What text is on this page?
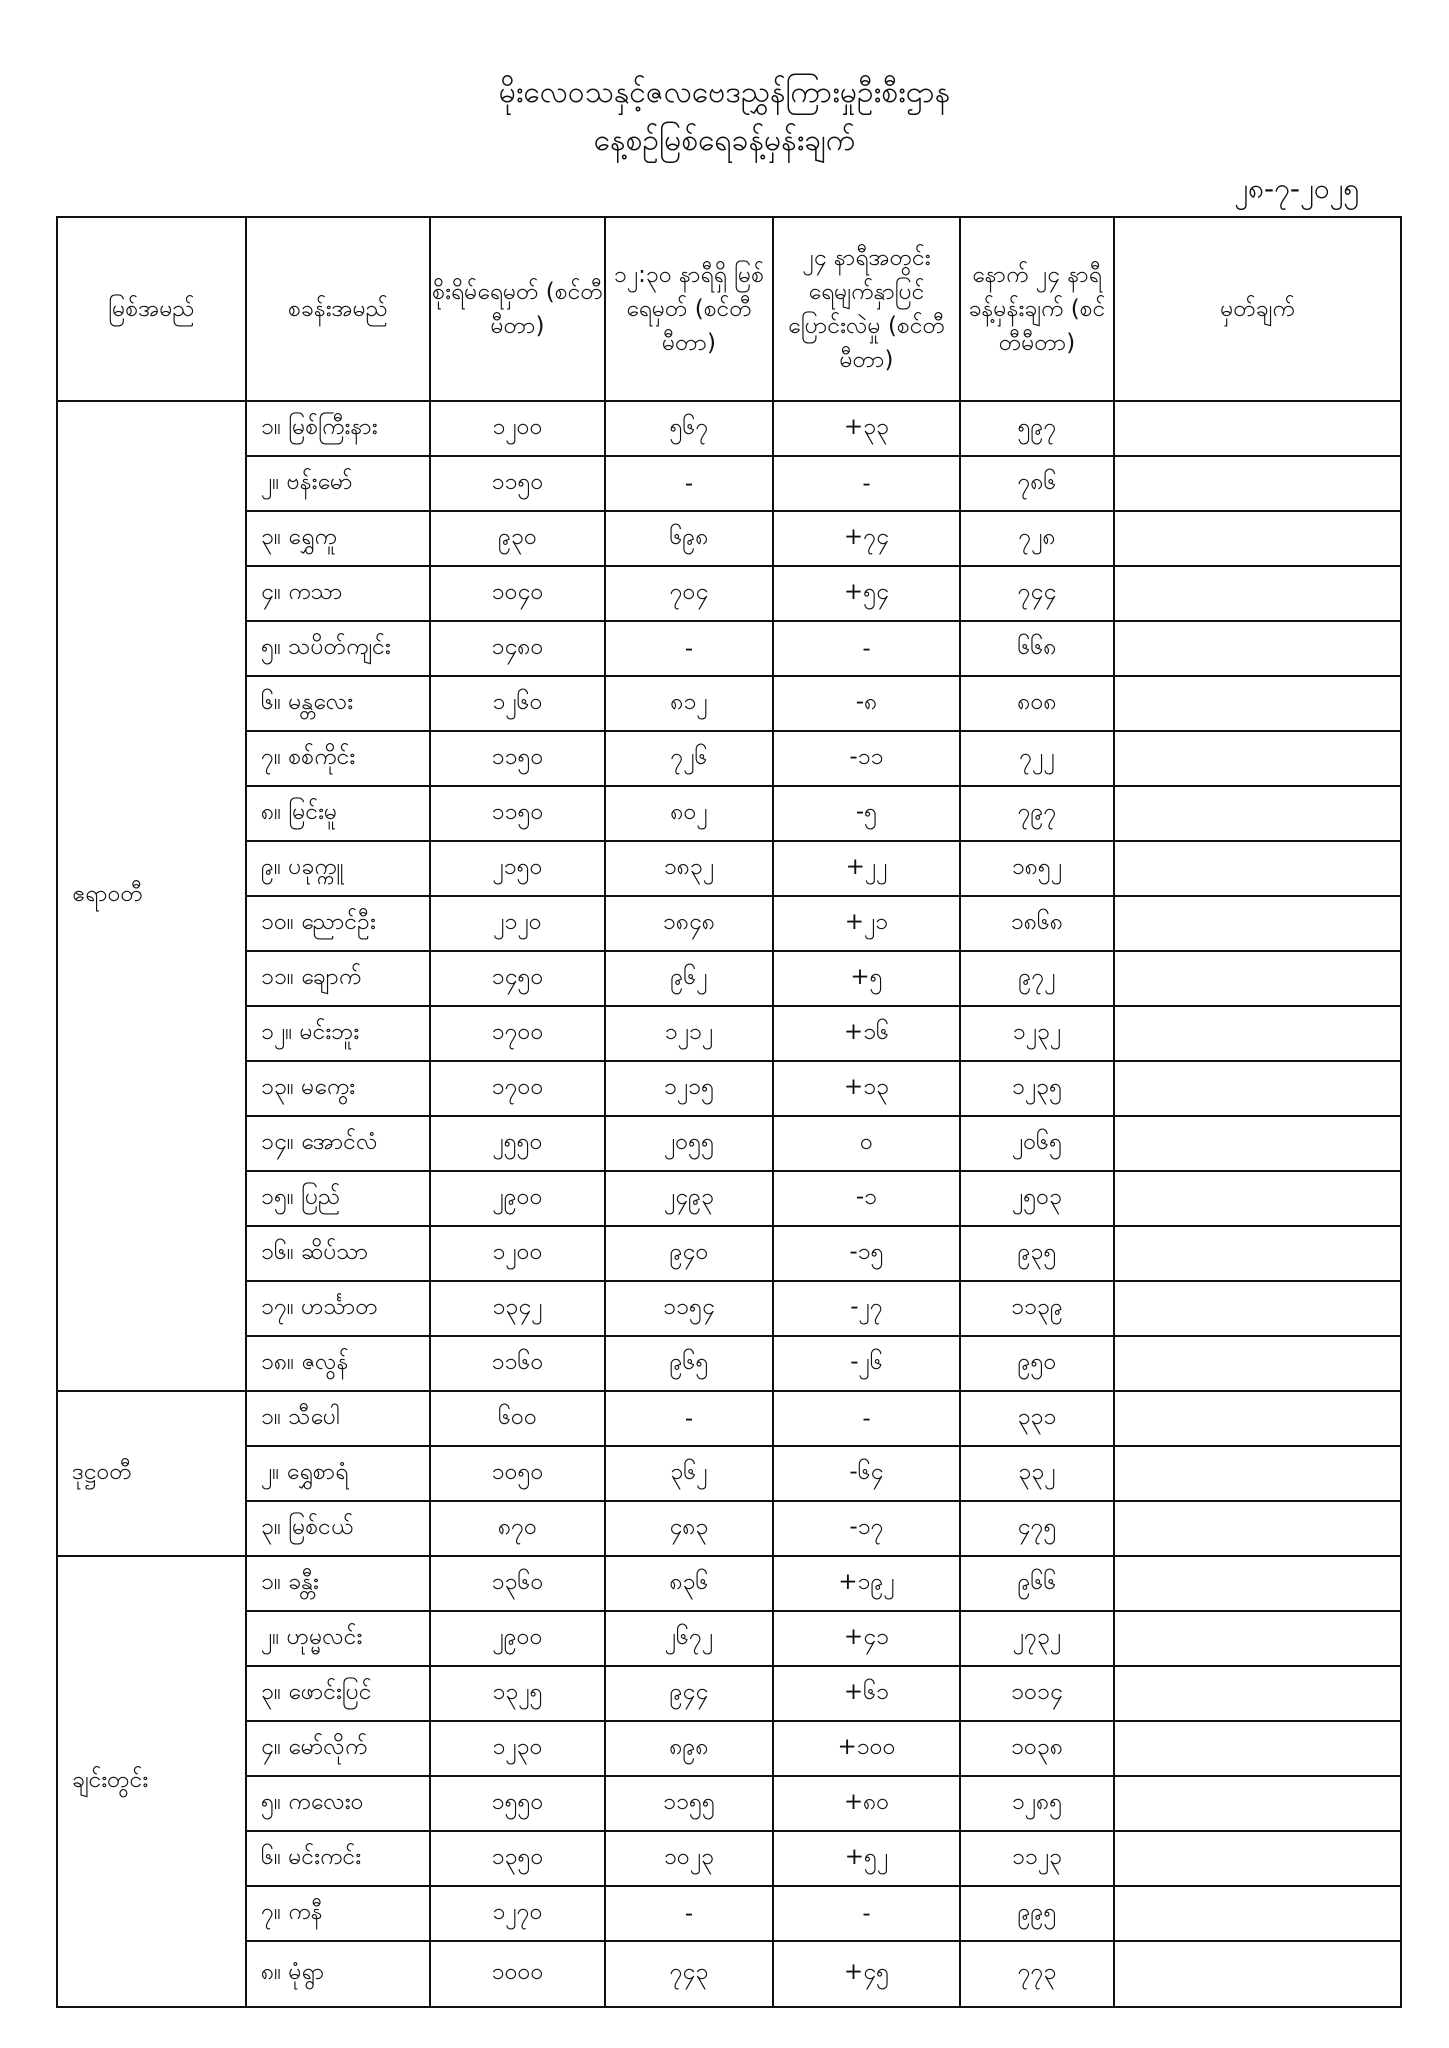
မိုးလေဝသနှင့်ဇလဗေဒညွှန်ကြားမှုဦးစီးဌာန
နေ့စဉ်မြစ်ရေခန့်မှန်းချက်
၂၈-၇-၂၀၂၅
မြစ်အမည်	စခန်းအမည်	စိုးရိမ်ရေမှတ် (စင်တီမီတာ)	၁၂:၃၀ နာရီရှိ မြစ်ရေမှတ် (စင်တီမီတာ)	၂၄ နာရီအတွင်း ရေမျက်နှာပြင် ပြောင်းလဲမှု (စင်တီမီတာ)	နောက် ၂၄ နာရီ ခန့်မှန်းချက် (စင်တီမီတာ)	မှတ်ချက်
ဧရာဝတီ	၁။ မြစ်ကြီးနား	၁၂၀၀	၅၆၇	+၃၃	၅၉၇	
	၂။ ဗန်းမော်	၁၁၅၀	-	-	၇၈၆	
	၃။ ရွှေကူ	၉၃၀	၆၉၈	+၇၄	၇၂၈	
	၄။ ကသာ	၁၀၄၀	၇၀၄	+၅၄	၇၄၄	
	၅။ သပိတ်ကျင်း	၁၄၈၀	-	-	၆၆၈	
	၆။ မန္တလေး	၁၂၆၀	၈၁၂	-၈	၈၀၈	
	၇။ စစ်ကိုင်း	၁၁၅၀	၇၂၆	-၁၁	၇၂၂	
	၈။ မြင်းမူ	၁၁၅၀	၈၀၂	-၅	၇၉၇	
	၉။ ပခုက္ကူ	၂၁၅၀	၁၈၃၂	+၂၂	၁၈၅၂	
	၁၀။ ညောင်ဦး	၂၁၂၀	၁၈၄၈	+၂၁	၁၈၆၈	
	၁၁။ ချောက်	၁၄၅၀	၉၆၂	+၅	၉၇၂	
	၁၂။ မင်းဘူး	၁၇၀၀	၁၂၁၂	+၁၆	၁၂၃၂	
	၁၃။ မကွေး	၁၇၀၀	၁၂၁၅	+၁၃	၁၂၃၅	
	၁၄။ အောင်လံ	၂၅၅၀	၂၀၅၅	၀	၂၀၆၅	
	၁၅။ ပြည်	၂၉၀၀	၂၄၉၃	-၁	၂၅၀၃	
	၁၆။ ဆိပ်သာ	၁၂၀၀	၉၄၀	-၁၅	၉၃၅	
	၁၇။ ဟင်္သာတ	၁၃၄၂	၁၁၅၄	-၂၇	၁၁၃၉	
	၁၈။ ဇလွန်	၁၁၆၀	၉၆၅	-၂၆	၉၅၀	
ဒုဋ္ဌဝတီ	၁။ သီပေါ	၆၀၀	-	-	၃၃၁	
	၂။ ရွှေစာရံ	၁၀၅၀	၃၆၂	-၆၄	၃၃၂	
	၃။ မြစ်ငယ်	၈၇၀	၄၈၃	-၁၇	၄၇၅	
ချင်းတွင်း	၁။ ခန္တီး	၁၃၆၀	၈၃၆	+၁၉၂	၉၆၆	
	၂။ ဟုမ္မလင်း	၂၉၀၀	၂၆၇၂	+၄၁	၂၇၃၂	
	၃။ ဖောင်းပြင်	၁၃၂၅	၉၄၄	+၆၁	၁၀၁၄	
	၄။ မော်လိုက်	၁၂၃၀	၈၉၈	+၁၀၀	၁၀၃၈	
	၅။ ကလေးဝ	၁၅၅၀	၁၁၅၅	+၈၀	၁၂၈၅	
	၆။ မင်းကင်း	၁၃၅၀	၁၀၂၃	+၅၂	၁၁၂၃	
	၇။ ကနီ	၁၂၇၀	-	-	၉၉၅	
	၈။ မုံရွာ	၁၀၀၀	၇၄၃	+၄၅	၇၇၃	
